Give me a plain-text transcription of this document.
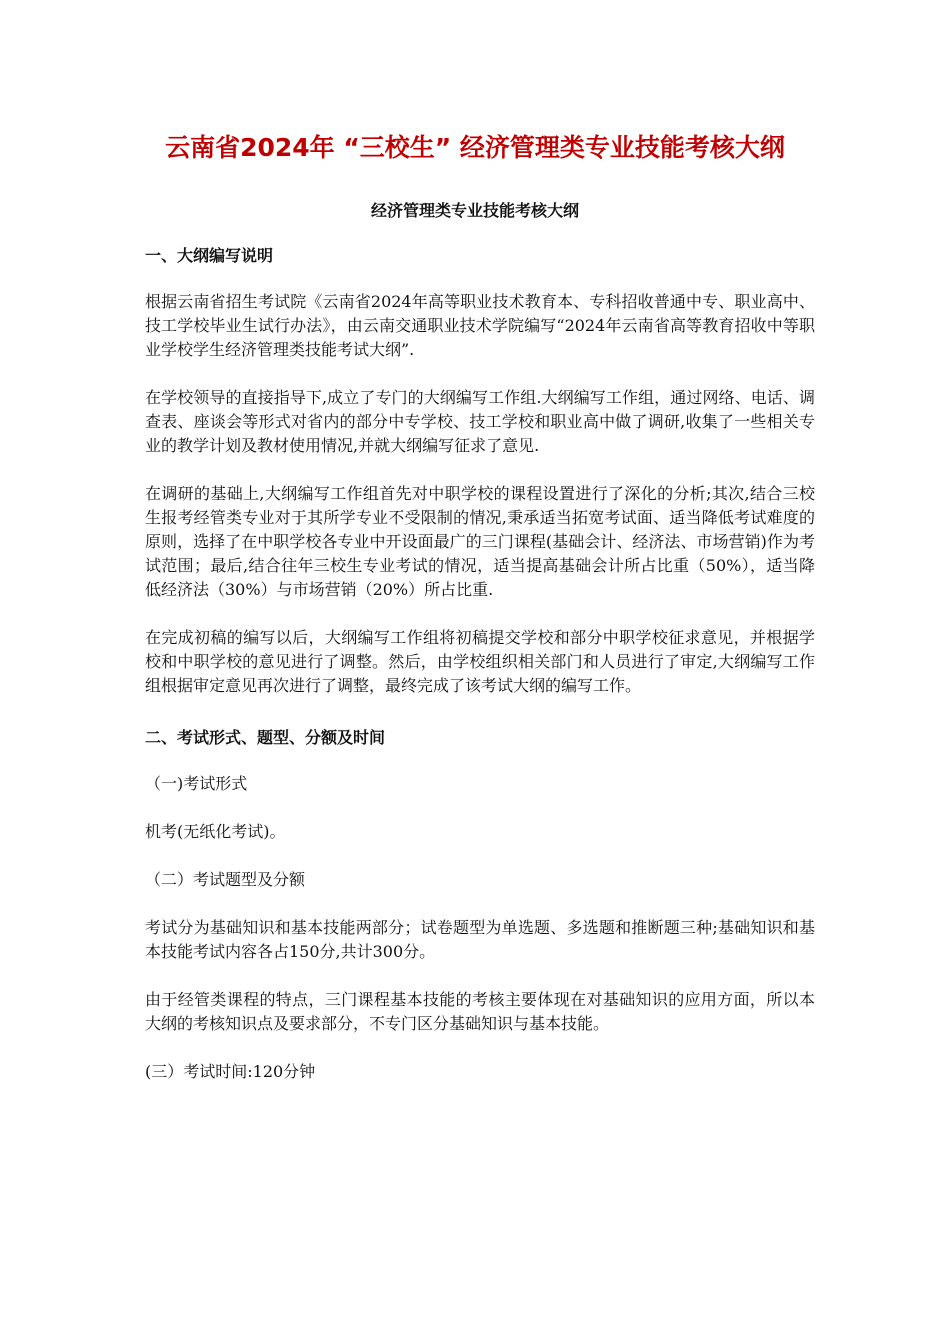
云南省2024年 “三校生” 经济管理类专业技能考核大纲
经济管理类专业技能考核大纲
一、大纲编写说明

根据云南省招生考试院《云南省2024年高等职业技术教育本、专科招收普通中专、职业高中、技工学校毕业生试行办法》，由云南交通职业技术学院编写“2024年云南省高等教育招收中等职业学校学生经济管理类技能考试大纲”.

在学校领导的直接指导下,成立了专门的大纲编写工作组.大纲编写工作组，通过网络、电话、调查表、座谈会等形式对省内的部分中专学校、技工学校和职业高中做了调研,收集了一些相关专业的教学计划及教材使用情况,并就大纲编写征求了意见.

在调研的基础上,大纲编写工作组首先对中职学校的课程设置进行了深化的分析;其次,结合三校生报考经管类专业对于其所学专业不受限制的情况,秉承适当拓宽考试面、适当降低考试难度的原则，选择了在中职学校各专业中开设面最广的三门课程(基础会计、经济法、市场营销)作为考试范围；最后,结合往年三校生专业考试的情况，适当提高基础会计所占比重（50%），适当降低经济法（30%）与市场营销（20%）所占比重.

在完成初稿的编写以后，大纲编写工作组将初稿提交学校和部分中职学校征求意见，并根据学校和中职学校的意见进行了调整。然后，由学校组织相关部门和人员进行了审定,大纲编写工作组根据审定意见再次进行了调整，最终完成了该考试大纲的编写工作。

二、考试形式、题型、分额及时间

（一)考试形式

机考(无纸化考试)。

（二）考试题型及分额

考试分为基础知识和基本技能两部分；试卷题型为单选题、多选题和推断题三种;基础知识和基本技能考试内容各占150分,共计300分。

由于经管类课程的特点，三门课程基本技能的考核主要体现在对基础知识的应用方面，所以本大纲的考核知识点及要求部分，不专门区分基础知识与基本技能。

(三）考试时间:120分钟
